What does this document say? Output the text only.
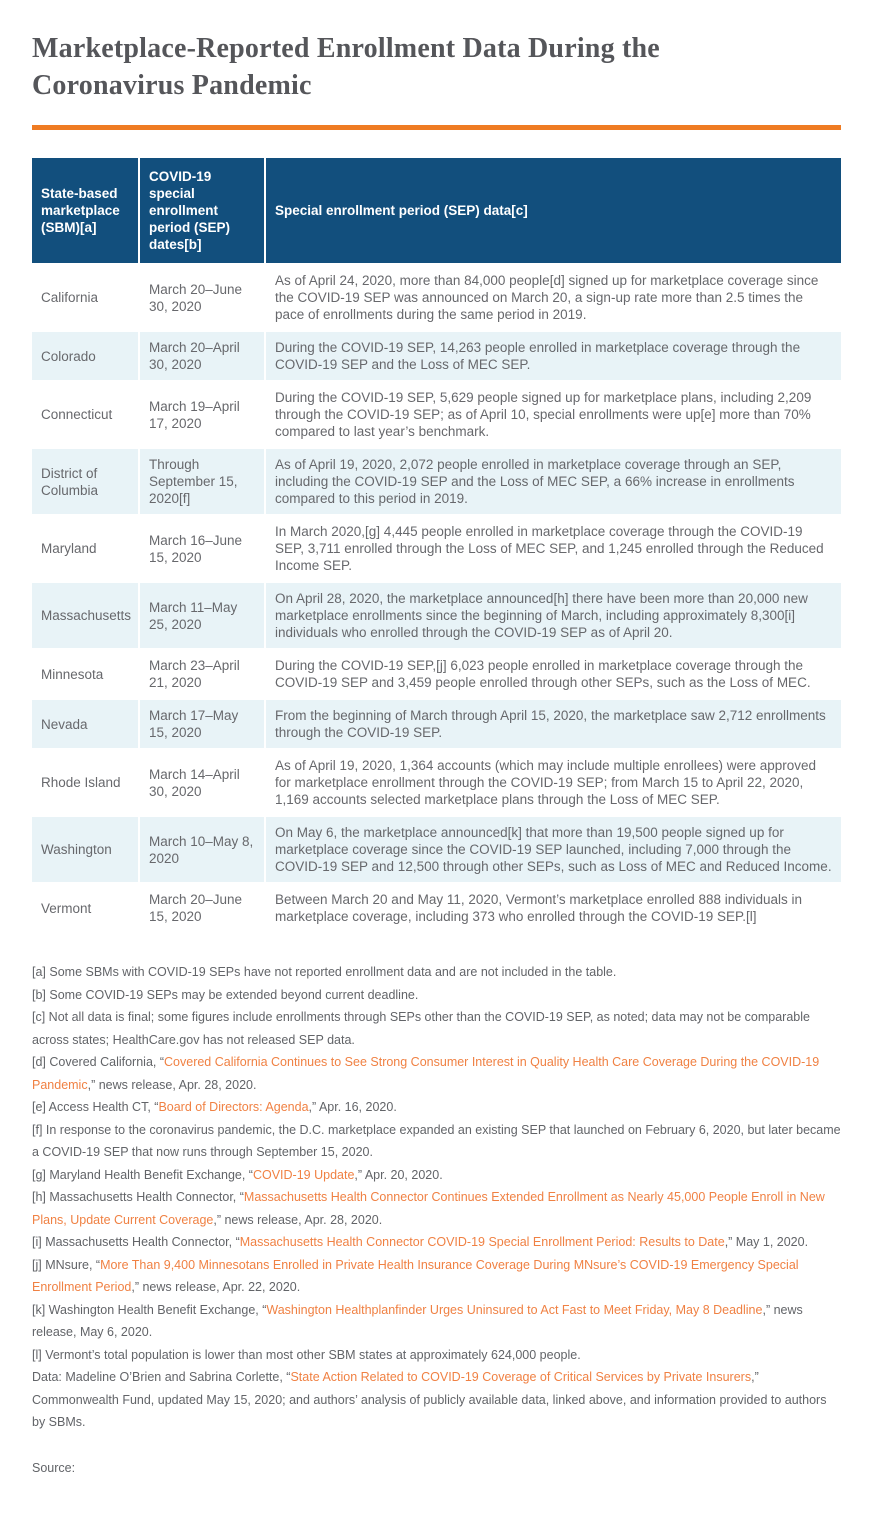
Marketplace-Reported Enrollment Data During the Coronavirus Pandemic
State-based marketplace (SBM)[a]	COVID-19 special enrollment period (SEP) dates[b]	Special enrollment period (SEP) data[c]
California	March 20–June 30, 2020	As of April 24, 2020, more than 84,000 people[d] signed up for marketplace coverage since the COVID-19 SEP was announced on March 20, a sign-up rate more than 2.5 times the pace of enrollments during the same period in 2019.
Colorado	March 20–April 30, 2020	During the COVID-19 SEP, 14,263 people enrolled in marketplace coverage through the COVID-19 SEP and the Loss of MEC SEP.
Connecticut	March 19–April 17, 2020	During the COVID-19 SEP, 5,629 people signed up for marketplace plans, including 2,209 through the COVID-19 SEP; as of April 10, special enrollments were up[e] more than 70% compared to last year’s benchmark.
District of Columbia	Through September 15, 2020[f]	As of April 19, 2020, 2,072 people enrolled in marketplace coverage through an SEP, including the COVID-19 SEP and the Loss of MEC SEP, a 66% increase in enrollments compared to this period in 2019.
Maryland	March 16–June 15, 2020	In March 2020,[g] 4,445 people enrolled in marketplace coverage through the COVID-19 SEP, 3,711 enrolled through the Loss of MEC SEP, and 1,245 enrolled through the Reduced Income SEP.
Massachusetts	March 11–May 25, 2020	On April 28, 2020, the marketplace announced[h] there have been more than 20,000 new marketplace enrollments since the beginning of March, including approximately 8,300[i] individuals who enrolled through the COVID-19 SEP as of April 20.
Minnesota	March 23–April 21, 2020	During the COVID-19 SEP,[j] 6,023 people enrolled in marketplace coverage through the COVID-19 SEP and 3,459 people enrolled through other SEPs, such as the Loss of MEC.
Nevada	March 17–May 15, 2020	From the beginning of March through April 15, 2020, the marketplace saw 2,712 enrollments through the COVID-19 SEP.
Rhode Island	March 14–April 30, 2020	As of April 19, 2020, 1,364 accounts (which may include multiple enrollees) were approved for marketplace enrollment through the COVID-19 SEP; from March 15 to April 22, 2020, 1,169 accounts selected marketplace plans through the Loss of MEC SEP.
Washington	March 10–May 8, 2020	On May 6, the marketplace announced[k] that more than 19,500 people signed up for marketplace coverage since the COVID-19 SEP launched, including 7,000 through the COVID-19 SEP and 12,500 through other SEPs, such as Loss of MEC and Reduced Income.
Vermont	March 20–June 15, 2020	Between March 20 and May 11, 2020, Vermont’s marketplace enrolled 888 individuals in marketplace coverage, including 373 who enrolled through the COVID-19 SEP.[l]

[a] Some SBMs with COVID-19 SEPs have not reported enrollment data and are not included in the table.

[b] Some COVID-19 SEPs may be extended beyond current deadline.

[c] Not all data is final; some figures include enrollments through SEPs other than the COVID-19 SEP, as noted; data may not be comparable across states; HealthCare.gov has not released SEP data.

[d] Covered California, “Covered California Continues to See Strong Consumer Interest in Quality Health Care Coverage During the COVID-19 Pandemic,” news release, Apr. 28, 2020.

[e] Access Health CT, “Board of Directors: Agenda,” Apr. 16, 2020.

[f] In response to the coronavirus pandemic, the D.C. marketplace expanded an existing SEP that launched on February 6, 2020, but later became a COVID-19 SEP that now runs through September 15, 2020.

[g] Maryland Health Benefit Exchange, “COVID-19 Update,” Apr. 20, 2020.

[h] Massachusetts Health Connector, “Massachusetts Health Connector Continues Extended Enrollment as Nearly 45,000 People Enroll in New Plans, Update Current Coverage,” news release, Apr. 28, 2020.

[i] Massachusetts Health Connector, “Massachusetts Health Connector COVID-19 Special Enrollment Period: Results to Date,” May 1, 2020.

[j] MNsure, “More Than 9,400 Minnesotans Enrolled in Private Health Insurance Coverage During MNsure’s COVID-19 Emergency Special Enrollment Period,” news release, Apr. 22, 2020.

[k] Washington Health Benefit Exchange, “Washington Healthplanfinder Urges Uninsured to Act Fast to Meet Friday, May 8 Deadline,” news release, May 6, 2020.

[l] Vermont’s total population is lower than most other SBM states at approximately 624,000 people.

Data: Madeline O’Brien and Sabrina Corlette, “State Action Related to COVID-19 Coverage of Critical Services by Private Insurers,” Commonwealth Fund, updated May 15, 2020; and authors’ analysis of publicly available data, linked above, and information provided to authors by SBMs.

Source:
